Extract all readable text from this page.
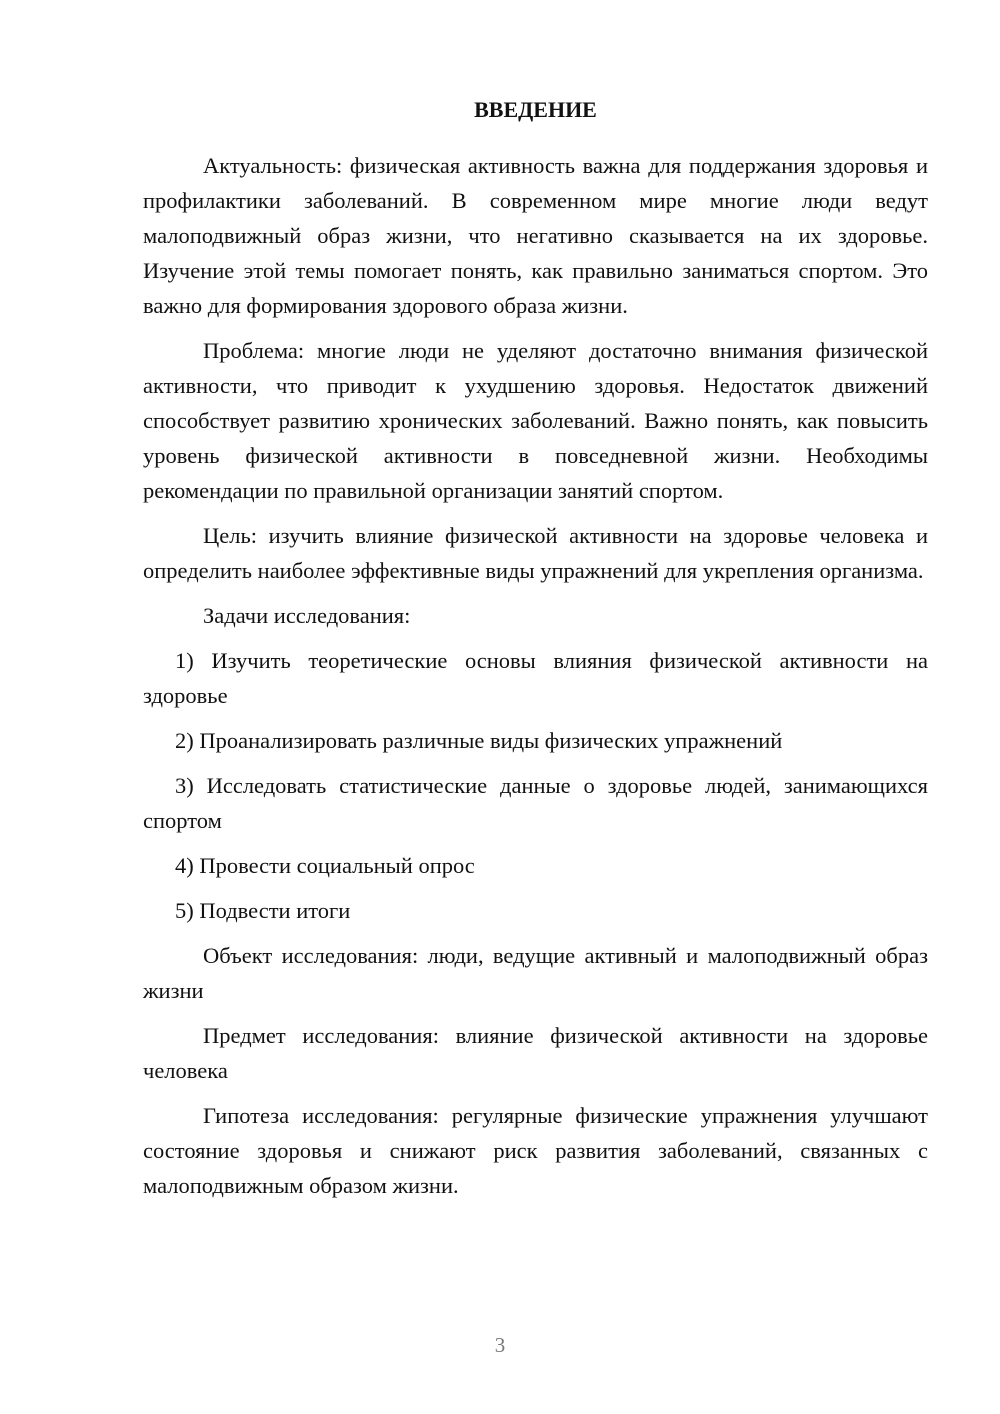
ВВЕДЕНИЕ

Актуальность: физическая активность важна для поддержания здоровья и профилактики заболеваний. В современном мире многие люди ведут малоподвижный образ жизни, что негативно сказывается на их здоровье. Изучение этой темы помогает понять, как правильно заниматься спортом. Это важно для формирования здорового образа жизни.

Проблема: многие люди не уделяют достаточно внимания физической активности, что приводит к ухудшению здоровья. Недостаток движений способствует развитию хронических заболеваний. Важно понять, как повысить уровень физической активности в повседневной жизни. Необходимы рекомендации по правильной организации занятий спортом.

Цель: изучить влияние физической активности на здоровье человека и определить наиболее эффективные виды упражнений для укрепления организма.

Задачи исследования:

1) Изучить теоретические основы влияния физической активности на здоровье

2) Проанализировать различные виды физических упражнений

3) Исследовать статистические данные о здоровье людей, занимающихся спортом

4) Провести социальный опрос

5) Подвести итоги

Объект исследования: люди, ведущие активный и малоподвижный образ жизни

Предмет исследования: влияние физической активности на здоровье человека

Гипотеза исследования: регулярные физические упражнения улучшают состояние здоровья и снижают риск развития заболеваний, связанных с малоподвижным образом жизни.

3
